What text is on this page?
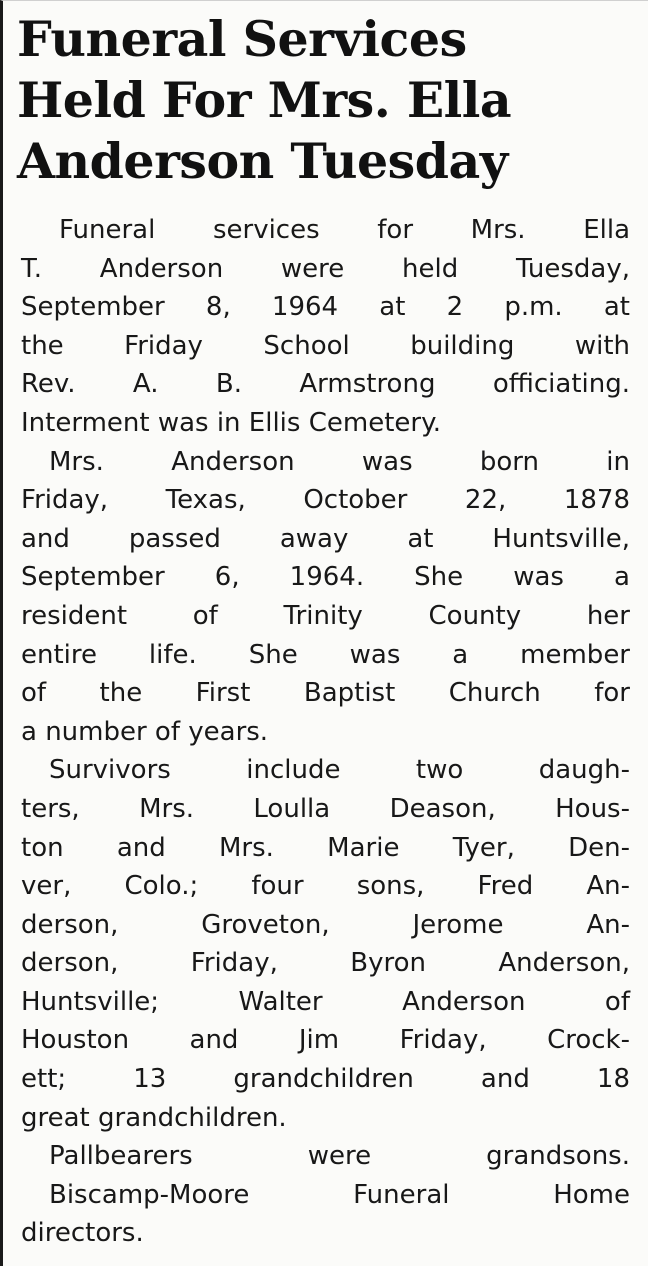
Funeral Services
Held For Mrs. Ella
Anderson Tuesday
Funeral services for Mrs. Ella
T. Anderson were held Tuesday,
September 8, 1964 at 2 p.m. at
the Friday School building with
Rev. A. B. Armstrong officiating.
Interment was in Ellis Cemetery.
Mrs. Anderson was born in
Friday, Texas, October 22, 1878
and passed away at Huntsville,
September 6, 1964. She was a
resident of Trinity County her
entire life. She was a member
of the First Baptist Church for
a number of years.
Survivors include two daugh-
ters, Mrs. Loulla Deason, Hous-
ton and Mrs. Marie Tyer, Den-
ver, Colo.; four sons, Fred An-
derson, Groveton, Jerome An-
derson, Friday, Byron Anderson,
Huntsville; Walter Anderson of
Houston and Jim Friday, Crock-
ett; 13 grandchildren and 18
great grandchildren.
Pallbearers were grandsons.
Biscamp-Moore Funeral Home
directors.
